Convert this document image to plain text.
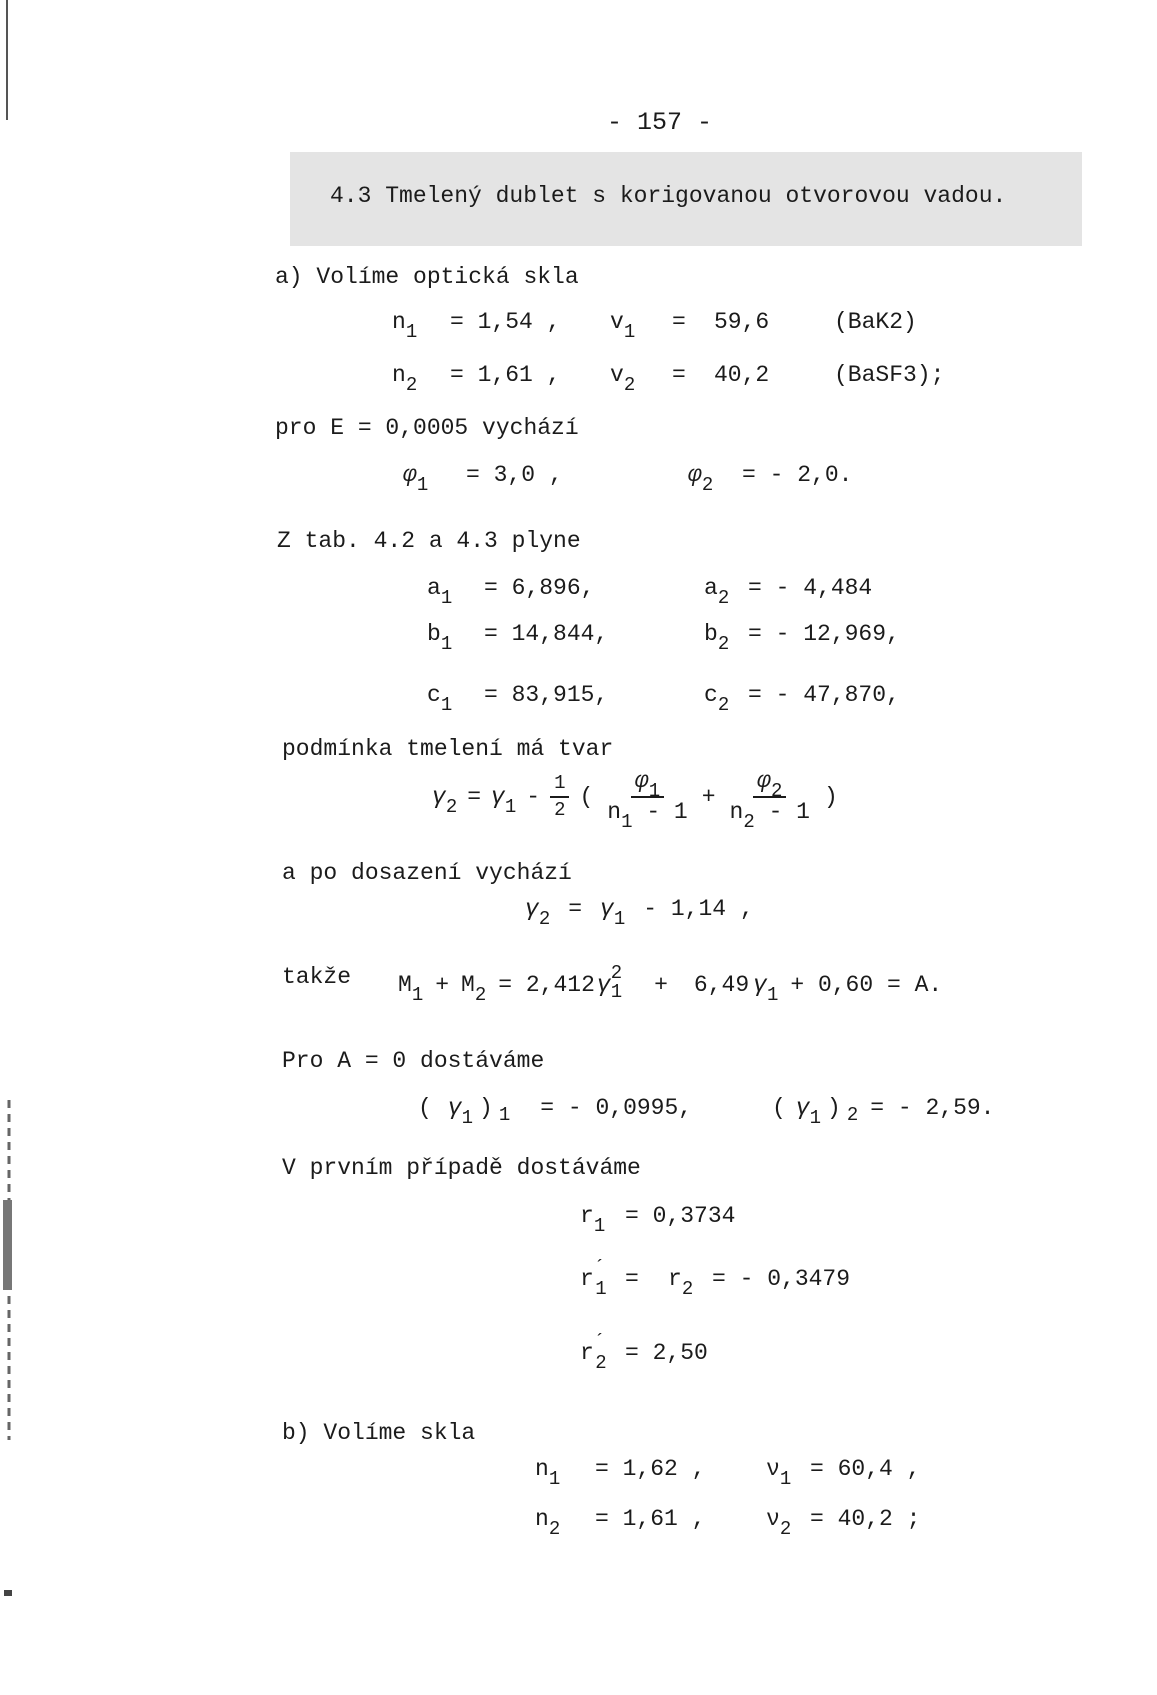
- 157 -
4.3 Tmelený dublet s korigovanou otvorovou vadou.
a) Volíme optická skla
$n_1 = 1,54$ , $v_1 = 59,6$	(BaK2)
$n_2 = 1,61$ , $v_2 = 40,2$	(BaSF3);
pro E = 0,0005 vychází
$\varphi_1 = 3,0$ ,	$\varphi_2$ = - 2,0.
Z tab. 4.2 a 4.3 plyne
$a_1 = 6,896$,	$a_2$ = - 4,484
$b_1 = 14,844$,	$b_2$ = - 12,969,
$c_1 = 83,915$,	$c_2$ = - 47,870,
podmínka tmelení má tvar
$\gamma_2 = \gamma_1 - \frac{1}{2}$ ( $\frac{\varphi_1}{n_1 - 1} + \frac{\varphi_2}{n_2 - 1}$ )
a po dosazení vychází
$\gamma_2 = \gamma_1 - 1,14$ ,
takže $M_1 + M_2 = 2,412$ γ 2
1 + 6,49 $\gamma_1 + 0,60 = A$.
Pro A = 0 dostáváme
( $\gamma_1$ ) 1 = - 0,0995,	( $\gamma_1$ ) 2 = - 2,59.
V prvním případě dostáváme
$r_1 = 0,3734$
$r^´_1 = r_2$ = - 0,3479
$r^´_2 = 2,50$
b) Volíme skla
$n_1 = 1,62$ ,	$\nu_1 = 60,4$ ,
$n_2 = 1,61$ ,	$\nu_2 = 40,2$ ;
